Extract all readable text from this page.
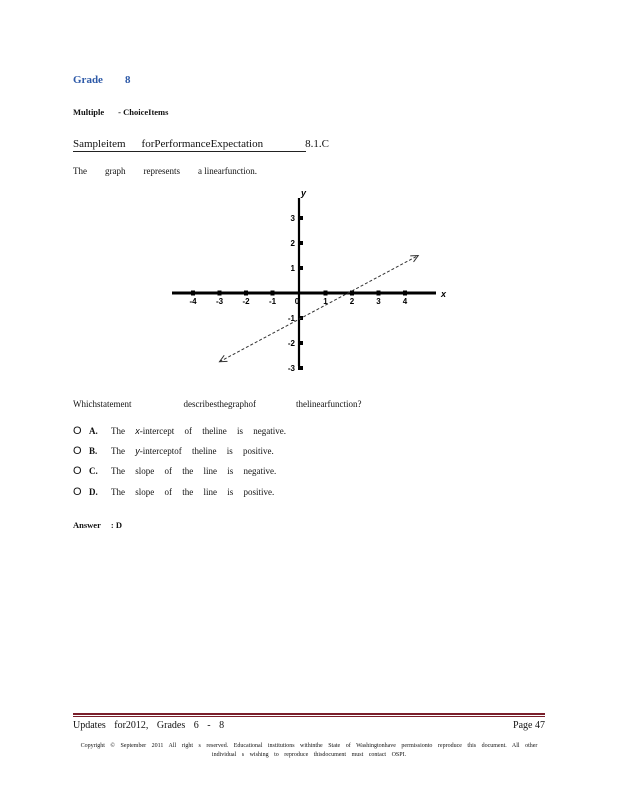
Grade 8
Multiple - ChoiceItems
Sampleitem forPerformanceExpectation	8.1.C
The graph represents a linearfunction.
x
y
-4 -3 -2 -1 0	1	2	3	4
3
2
1
-1
-2
-3
Whichstatement	describesthegraphof	thelinearfunction?
O A.	The x-intercept of theline is negative.
O B.	The y-interceptof theline is positive.
O C.	The slope of the line is negative.
O D.	The slope of the line is positive.
Answer : D
Updates for2012, Grades 6 - 8	Page 47
Copyright © September 2011 All right s reserved. Educational institutions withinthe State of Washingtonhave permissionto reproduce this document. All other individual s wishing to reproduce thisdocument must contact OSPI.
